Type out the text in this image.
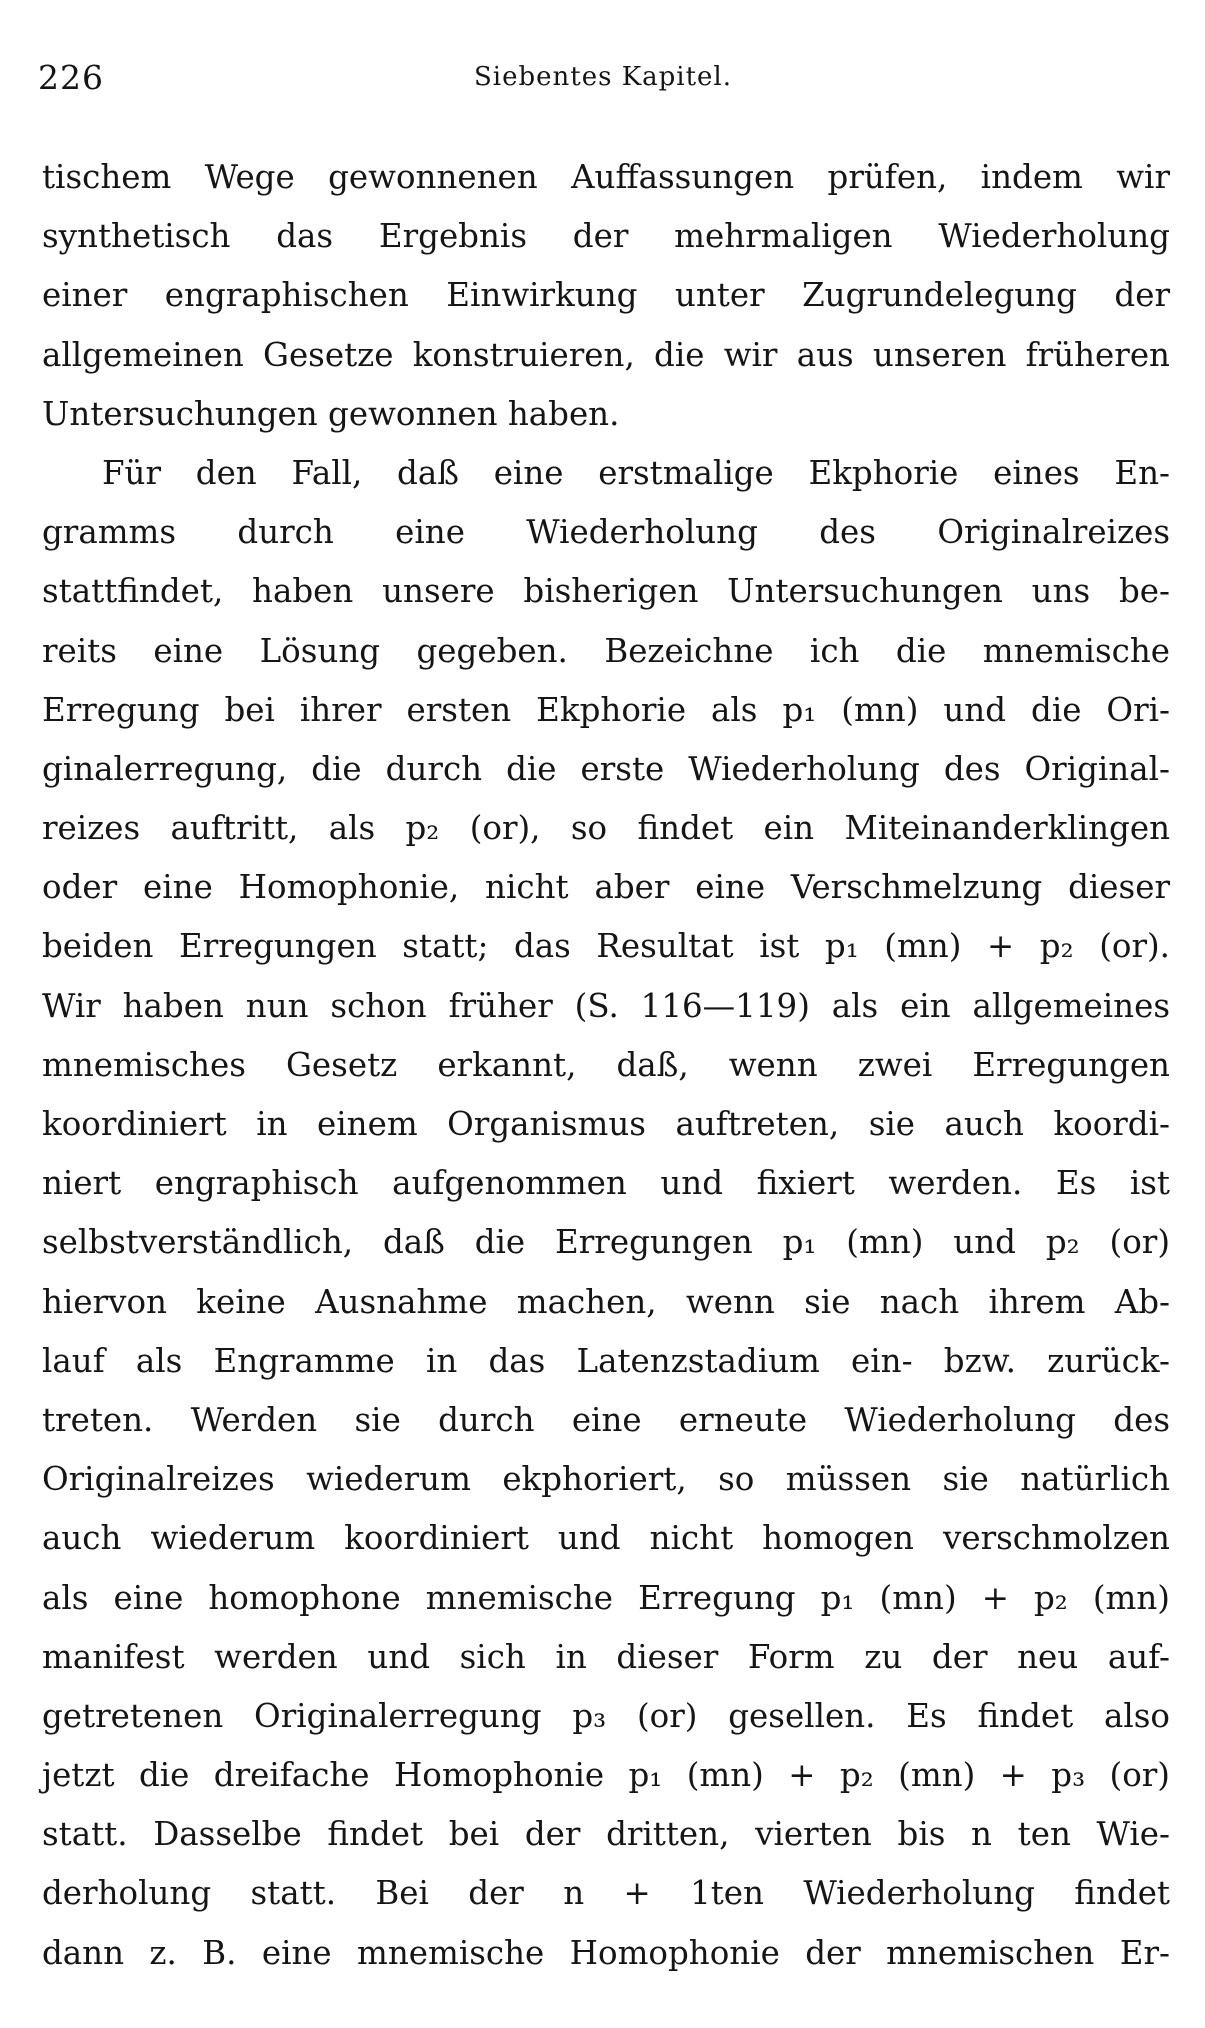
226	Siebentes Kapitel.
tischem Wege gewonnenen Auffassungen prüfen, indem wir
synthetisch das Ergebnis der mehrmaligen Wiederholung
einer engraphischen Einwirkung unter Zugrundelegung der
allgemeinen Gesetze konstruieren, die wir aus unseren früheren
Untersuchungen gewonnen haben.
Für den Fall, daß eine erstmalige Ekphorie eines En-
gramms durch eine Wiederholung des Originalreizes
stattfindet, haben unsere bisherigen Untersuchungen uns be-
reits eine Lösung gegeben. Bezeichne ich die mnemische
Erregung bei ihrer ersten Ekphorie als p₁ (mn) und die Ori-
ginalerregung, die durch die erste Wiederholung des Original-
reizes auftritt, als p₂ (or), so findet ein Miteinanderklingen
oder eine Homophonie, nicht aber eine Verschmelzung dieser
beiden Erregungen statt; das Resultat ist p₁ (mn) + p₂ (or).
Wir haben nun schon früher (S. 116—119) als ein allgemeines
mnemisches Gesetz erkannt, daß, wenn zwei Erregungen
koordiniert in einem Organismus auftreten, sie auch koordi-
niert engraphisch aufgenommen und fixiert werden. Es ist
selbstverständlich, daß die Erregungen p₁ (mn) und p₂ (or)
hiervon keine Ausnahme machen, wenn sie nach ihrem Ab-
lauf als Engramme in das Latenzstadium ein- bzw. zurück-
treten. Werden sie durch eine erneute Wiederholung des
Originalreizes wiederum ekphoriert, so müssen sie natürlich
auch wiederum koordiniert und nicht homogen verschmolzen
als eine homophone mnemische Erregung p₁ (mn) + p₂ (mn)
manifest werden und sich in dieser Form zu der neu auf-
getretenen Originalerregung p₃ (or) gesellen. Es findet also
jetzt die dreifache Homophonie p₁ (mn) + p₂ (mn) + p₃ (or)
statt. Dasselbe findet bei der dritten, vierten bis n ten Wie-
derholung statt. Bei der n + 1ten Wiederholung findet
dann z. B. eine mnemische Homophonie der mnemischen Er-
